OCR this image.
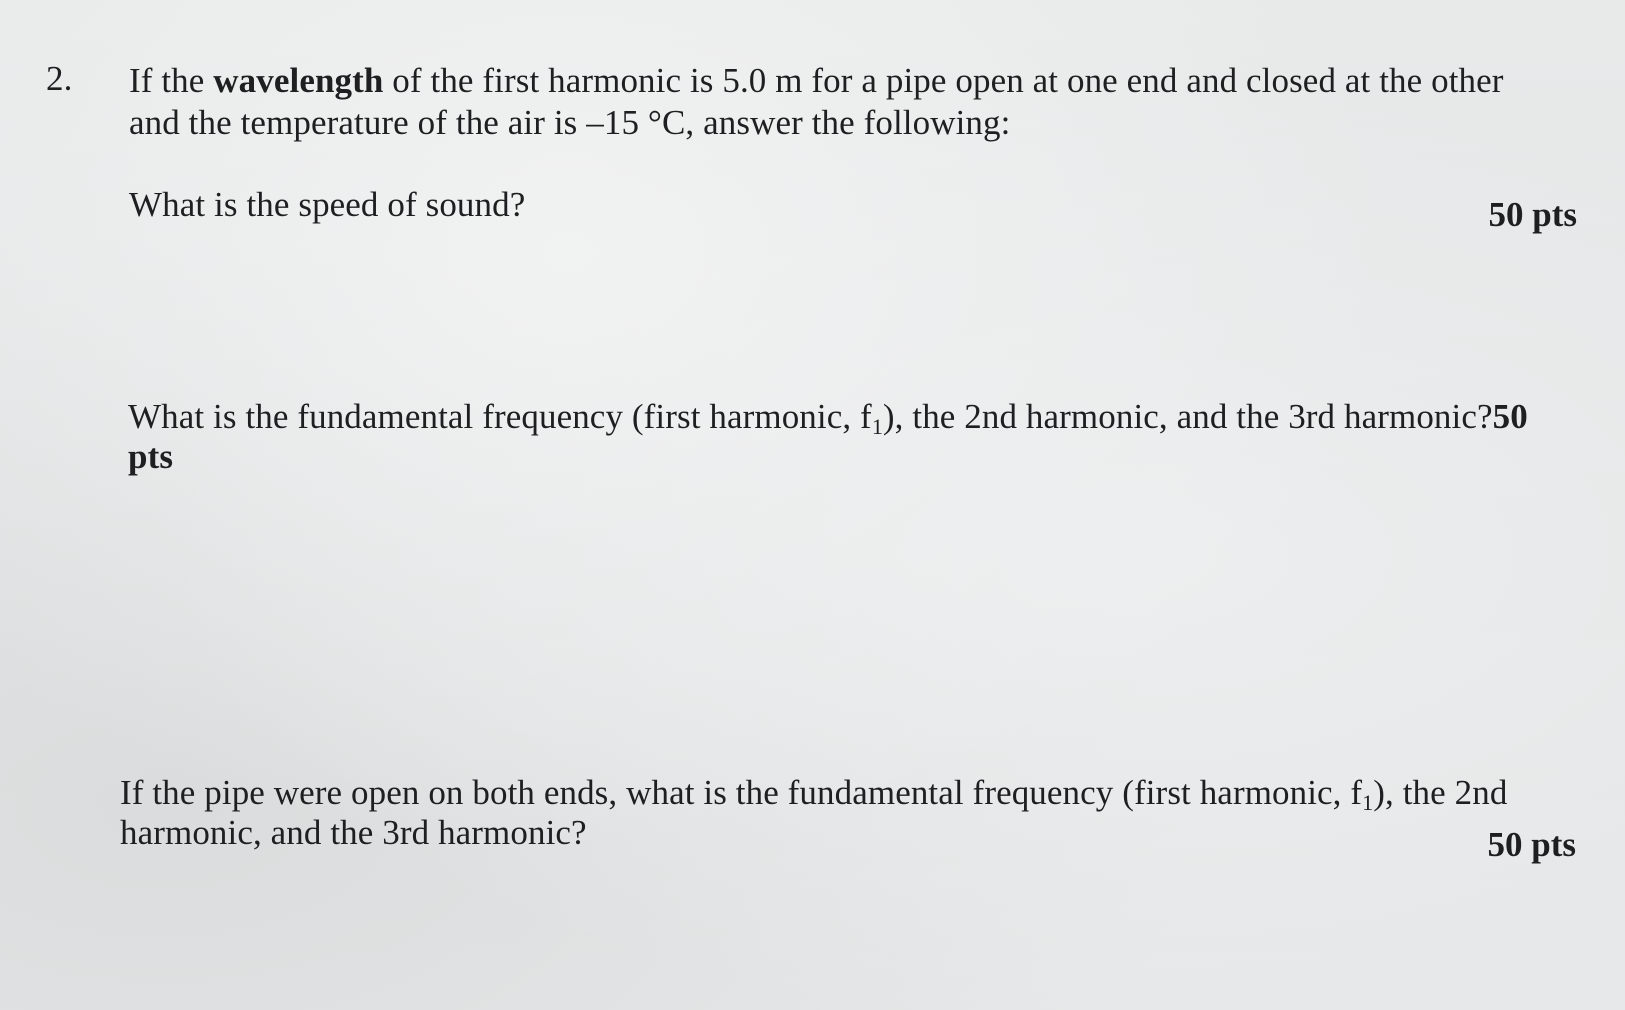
2. If the wavelength of the first harmonic is 5.0 m for a pipe open at one end and closed at the other
and the temperature of the air is –15 °C, answer the following:
What is the speed of sound?	50 pts
What is the fundamental frequency (first harmonic, $f_1$), the 2nd harmonic, and the 3rd harmonic?50
pts
If the pipe were open on both ends, what is the fundamental frequency (first harmonic, $f_1$), the 2nd
harmonic, and the 3rd harmonic?	50 pts
